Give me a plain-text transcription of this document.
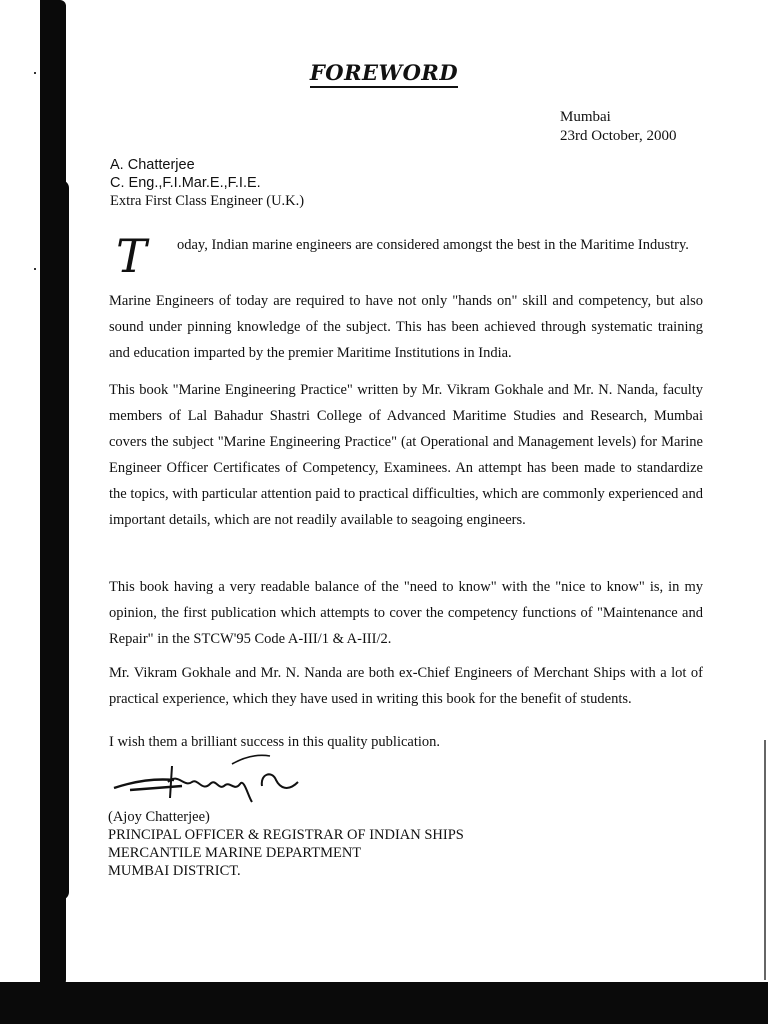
FOREWORD
Mumbai
23rd October, 2000
A. Chatterjee
C. Eng.,F.I.Mar.E.,F.I.E.
Extra First Class Engineer (U.K.)
T oday, Indian marine engineers are considered amongst the best in the Maritime Industry.
Marine Engineers of today are required to have not only "hands on" skill and competency, but also sound under pinning knowledge of the subject. This has been achieved through systematic training and education imparted by the premier Maritime Institutions in India.
This book "Marine Engineering Practice" written by Mr. Vikram Gokhale and Mr. N. Nanda, faculty members of Lal Bahadur Shastri College of Advanced Maritime Studies and Research, Mumbai covers the subject "Marine Engineering Practice" (at Operational and Management levels) for Marine Engineer Officer Certificates of Competency, Examinees. An attempt has been made to standardize the topics, with particular attention paid to practical difficulties, which are commonly experienced and important details, which are not readily available to seagoing engineers.
This book having a very readable balance of the "need to know" with the "nice to know" is, in my opinion, the first publication which attempts to cover the competency functions of "Maintenance and Repair" in the STCW'95 Code A-III/1 & A-III/2.
Mr. Vikram Gokhale and Mr. N. Nanda are both ex-Chief Engineers of Merchant Ships with a lot of practical experience, which they have used in writing this book for the benefit of students.
I wish them a brilliant success in this quality publication.
(Ajoy Chatterjee)
PRINCIPAL OFFICER & REGISTRAR OF INDIAN SHIPS
MERCANTILE MARINE DEPARTMENT
MUMBAI DISTRICT.
